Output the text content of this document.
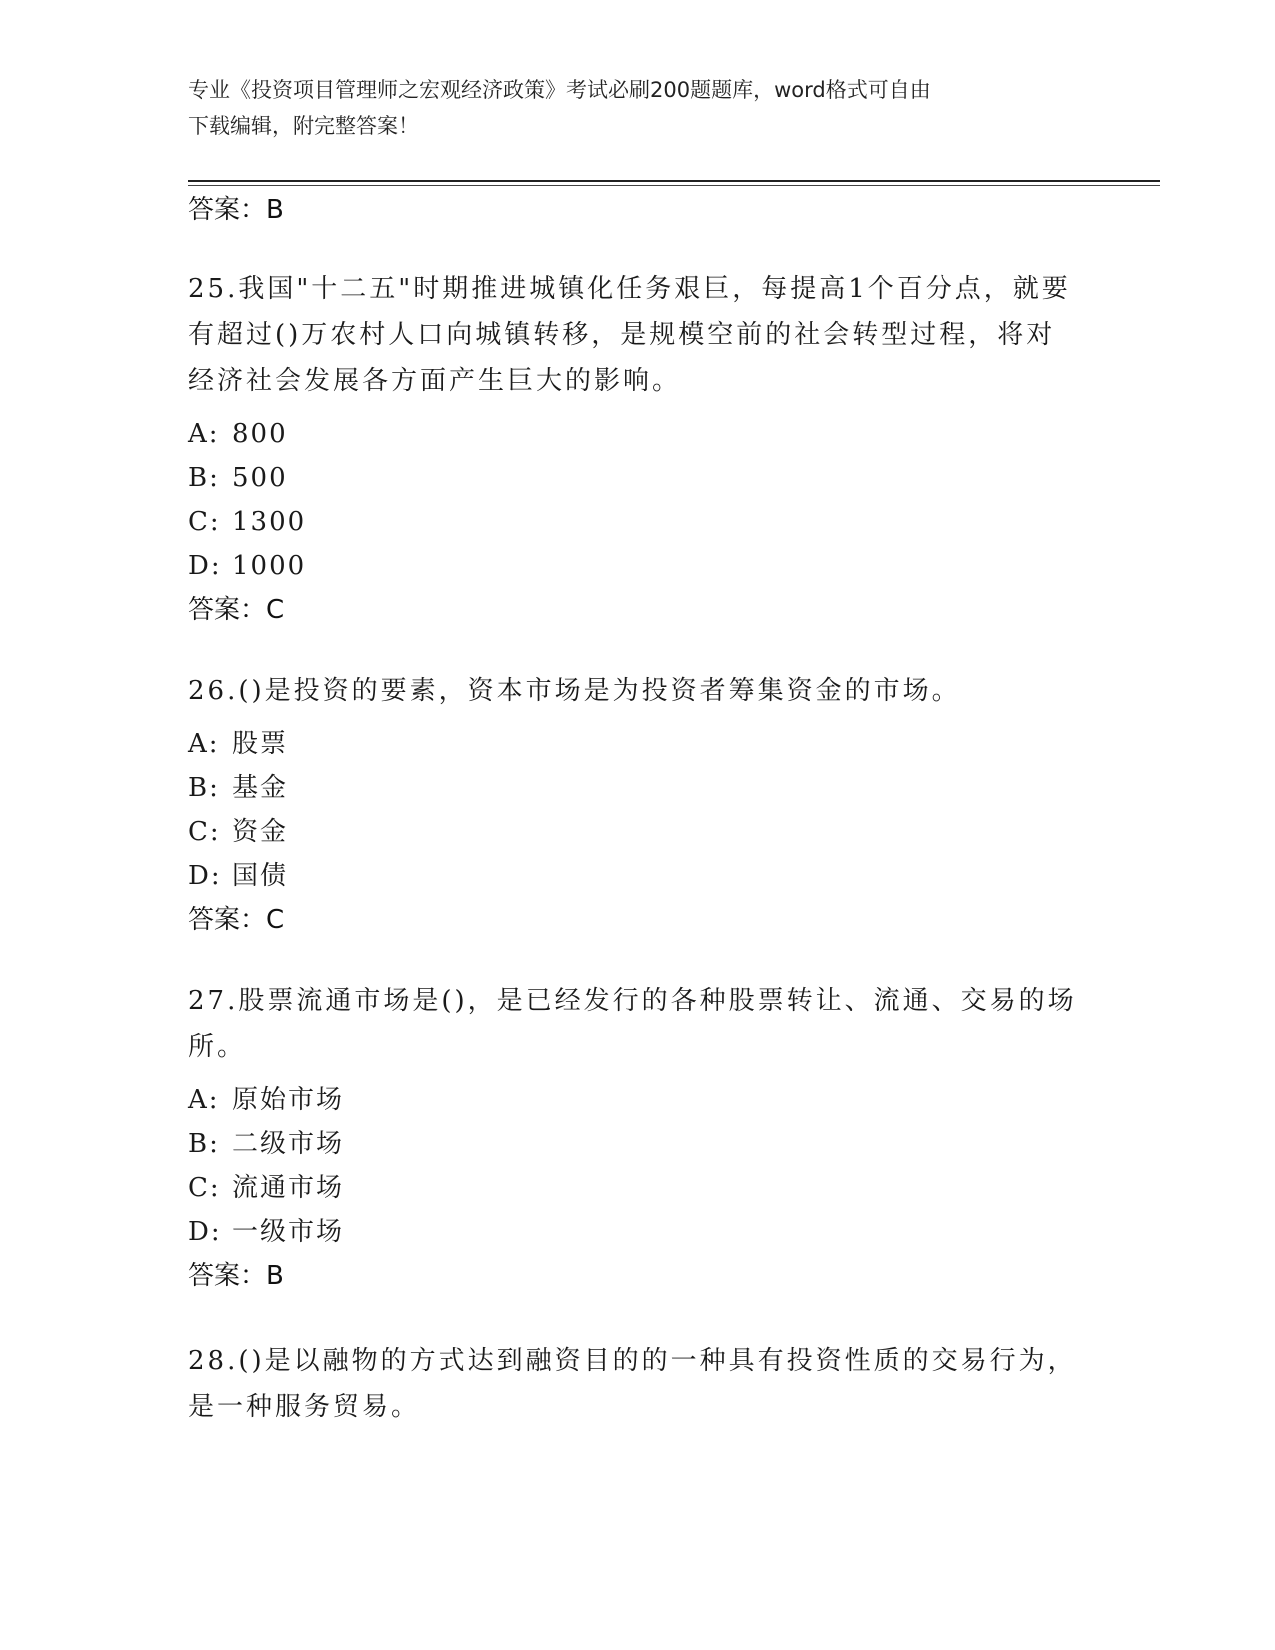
专业《投资项目管理师之宏观经济政策》考试必刷200题题库，word格式可自由
下载编辑，附完整答案！
答案：B
25.我国"十二五"时期推进城镇化任务艰巨，每提高1个百分点，就要
有超过()万农村人口向城镇转移，是规模空前的社会转型过程，将对
经济社会发展各方面产生巨大的影响。
A: 800
B: 500
C: 1300
D: 1000
答案：C
26.()是投资的要素，资本市场是为投资者筹集资金的市场。
A: 股票
B: 基金
C: 资金
D: 国债
答案：C
27.股票流通市场是()，是已经发行的各种股票转让、流通、交易的场
所。
A: 原始市场
B: 二级市场
C: 流通市场
D: 一级市场
答案：B
28.()是以融物的方式达到融资目的的一种具有投资性质的交易行为，
是一种服务贸易。
